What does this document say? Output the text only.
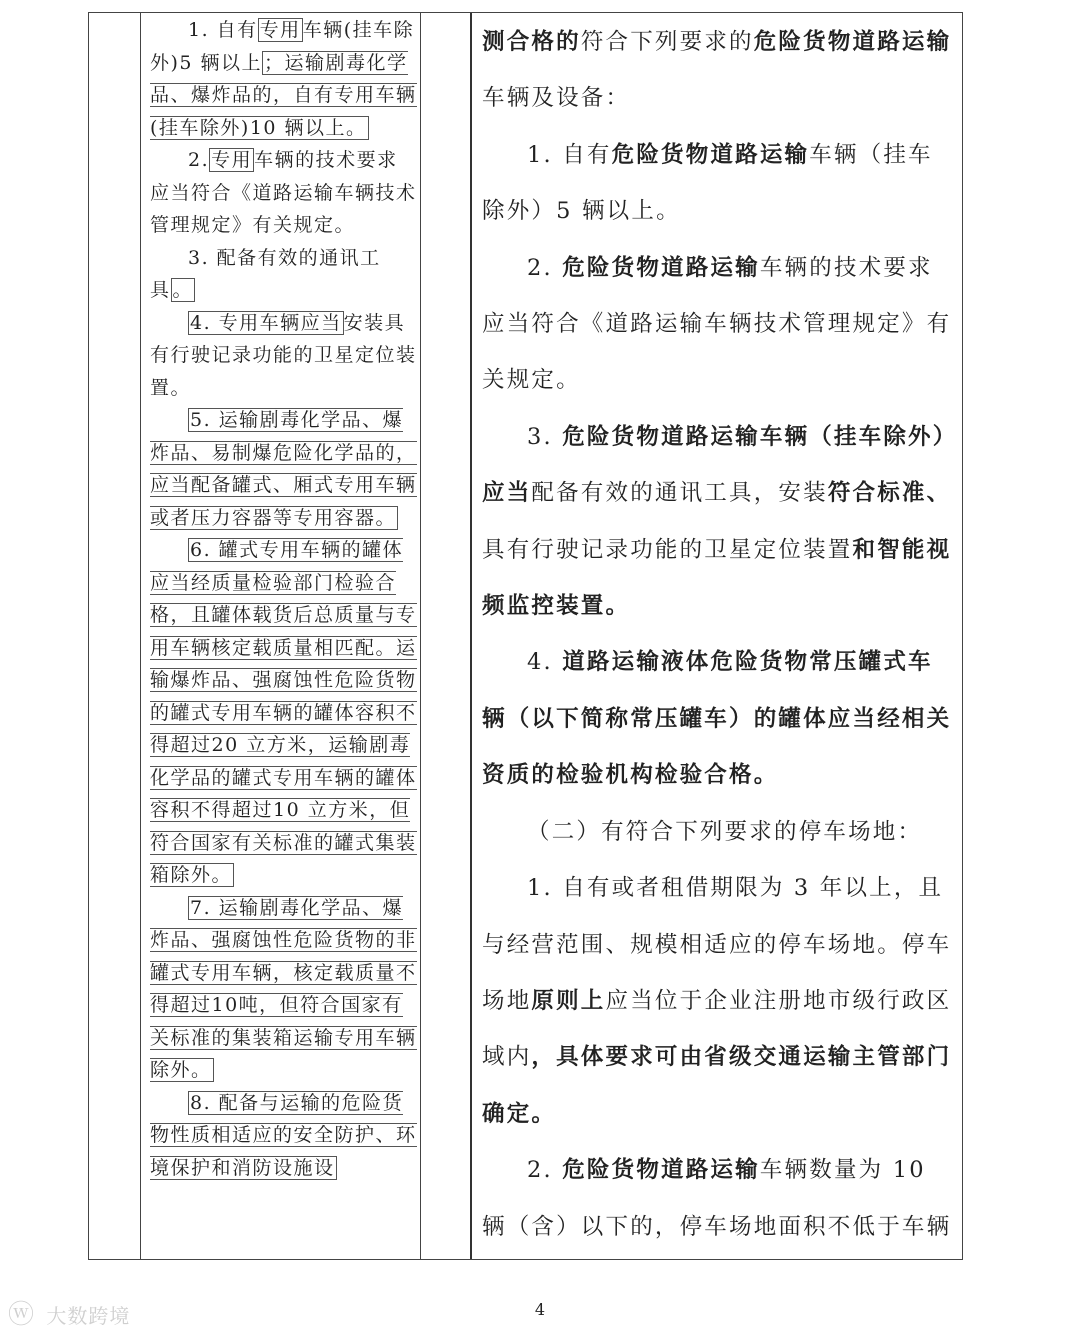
1. 自有 专用 车辆(挂车除外)5 辆以上 ；运输剧毒化学品、爆炸品的，自有专用车辆(挂车除外)10 辆以上。

2. 专用 车辆的技术要求应当符合《道路运输车辆技术管理规定》有关规定。

3. 配备有效的通讯工具 。

4. 专用车辆应当 安装具有行驶记录功能的卫星定位装置。

5. 运输剧毒化学品、爆炸品、易制爆危险化学品的，应当配备罐式、厢式专用车辆或者压力容器等专用容器。

6. 罐式专用车辆的罐体应当经质量检验部门检验合格，且罐体载货后总质量与专用车辆核定载质量相匹配。运输爆炸品、强腐蚀性危险货物的罐式专用车辆的罐体容积不得超过20 立方米，运输剧毒化学品的罐式专用车辆的罐体容积不得超过10 立方米，但符合国家有关标准的罐式集装箱除外。

7. 运输剧毒化学品、爆炸品、强腐蚀性危险货物的非罐式专用车辆，核定载质量不得超过10吨，但符合国家有关标准的集装箱运输专用车辆除外。

8. 配备与运输的危险货物性质相适应的安全防护、环境保护和消防设施设

测合格的符合下列要求的危险货物道路运输车辆及设备：

1. 自有危险货物道路运输车辆（挂车除外）5 辆以上。

2. 危险货物道路运输车辆的技术要求应当符合《道路运输车辆技术管理规定》有关规定。

3. 危险货物道路运输车辆（挂车除外）应当配备有效的通讯工具，安装符合标准、具有行驶记录功能的卫星定位装置和智能视频监控装置。

4. 道路运输液体危险货物常压罐式车辆（以下简称常压罐车）的罐体应当经相关资质的检验机构检验合格。

（二）有符合下列要求的停车场地：

1. 自有或者租借期限为 3 年以上，且与经营范围、规模相适应的停车场地。停车场地原则上应当位于企业注册地市级行政区域内，具体要求可由省级交通运输主管部门确定。

2. 危险货物道路运输车辆数量为 10 辆（含）以下的，停车场地面积不低于车辆

ⓦ 大数跨境	4
